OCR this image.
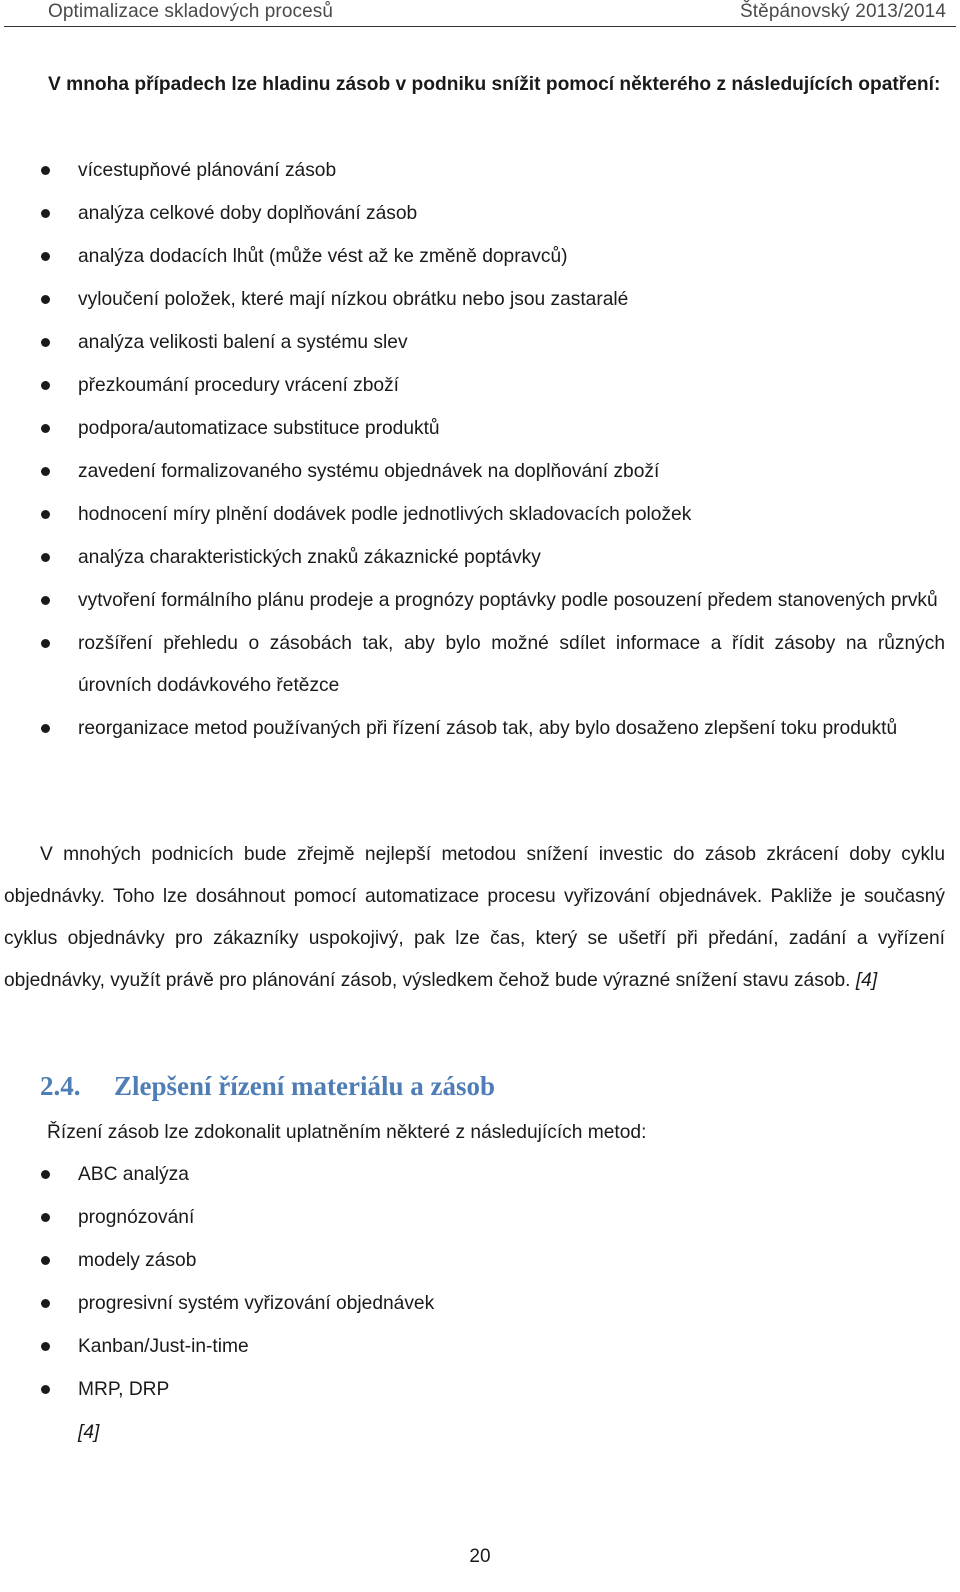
Optimalizace skladových procesů	Štěpánovský 2013/2014

V mnoha případech lze hladinu zásob v podniku snížit pomocí některého z následujících opatření:

vícestupňové plánování zásob
analýza celkové doby doplňování zásob
analýza dodacích lhůt (může vést až ke změně dopravců)
vyloučení položek, které mají nízkou obrátku nebo jsou zastaralé
analýza velikosti balení a systému slev
přezkoumání procedury vrácení zboží
podpora/automatizace substituce produktů
zavedení formalizovaného systému objednávek na doplňování zboží
hodnocení míry plnění dodávek podle jednotlivých skladovacích položek
analýza charakteristických znaků zákaznické poptávky
vytvoření formálního plánu prodeje a prognózy poptávky podle posouzení předem stanovených prvků
rozšíření přehledu o zásobách tak, aby bylo možné sdílet informace a řídit zásoby na různých úrovních dodávkového řetězce
reorganizace metod používaných při řízení zásob tak, aby bylo dosaženo zlepšení toku produktů

V mnohých podnicích bude zřejmě nejlepší metodou snížení investic do zásob zkrácení doby cyklu objednávky. Toho lze dosáhnout pomocí automatizace procesu vyřizování objednávek. Pakliže je současný cyklus objednávky pro zákazníky uspokojivý, pak lze čas, který se ušetří při předání, zadání a vyřízení objednávky, využít právě pro plánování zásob, výsledkem čehož bude výrazné snížení stavu zásob. [4]

2.4. Zlepšení řízení materiálu a zásob
Řízení zásob lze zdokonalit uplatněním některé z následujících metod:
ABC analýza
prognózování
modely zásob
progresivní systém vyřizování objednávek
Kanban/Just-in-time
MRP, DRP
[4]
20
